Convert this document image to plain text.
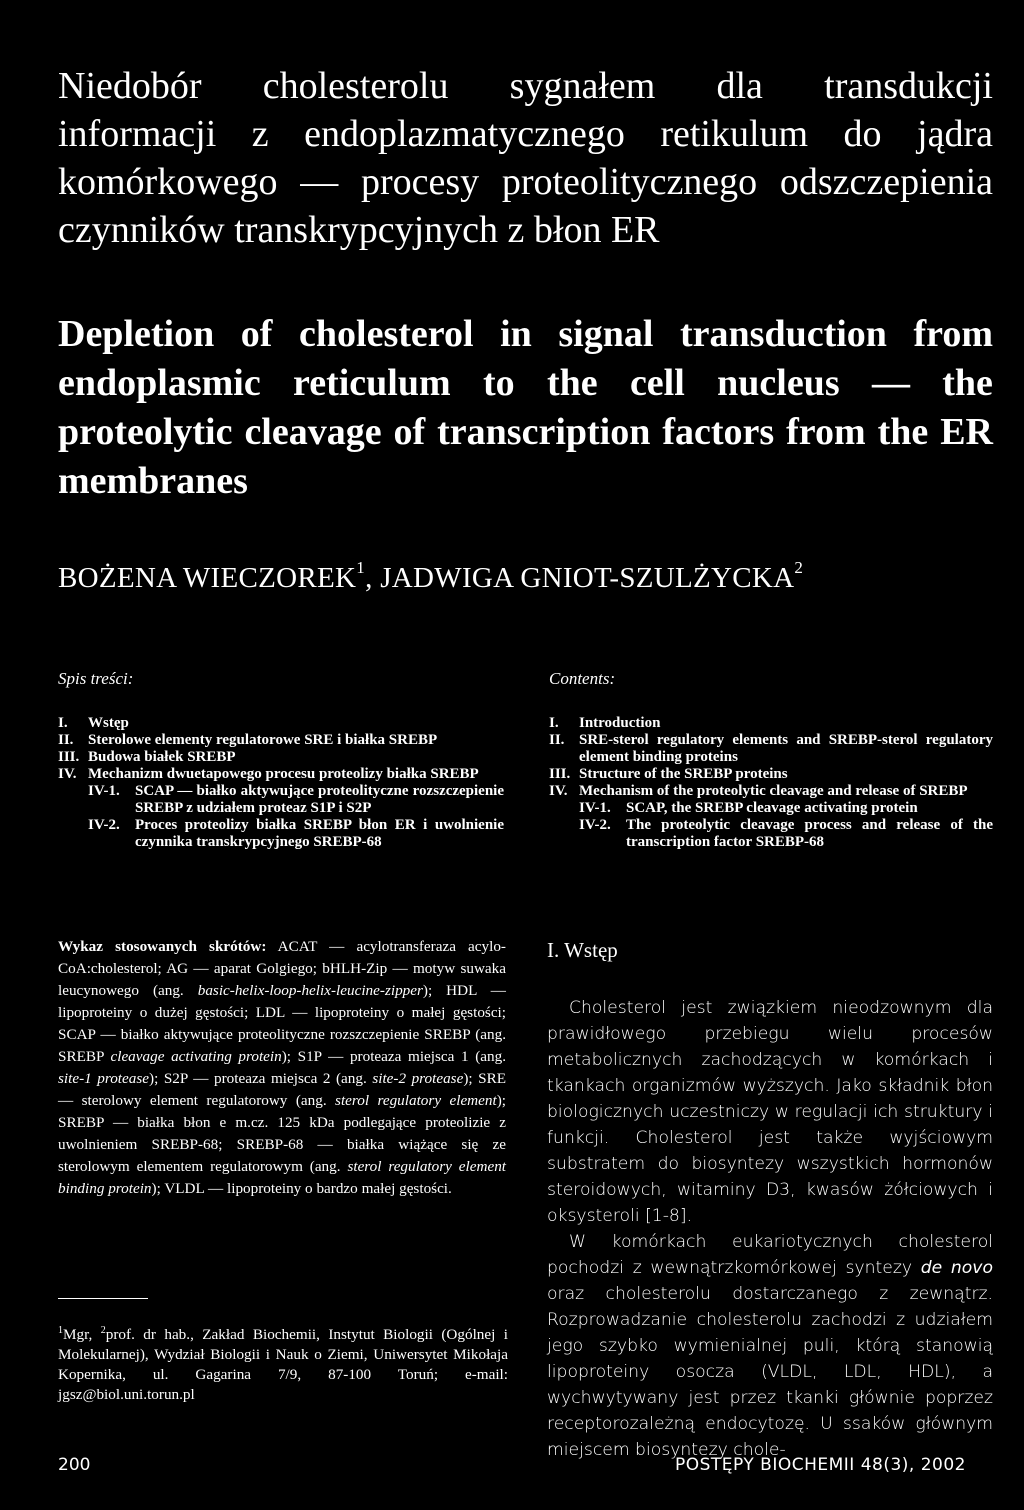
Niedobór cholesterolu sygnałem dla transdukcji
informacji z endoplazmatycznego retikulum do jądra
komórkowego — procesy proteolitycznego odszczepienia
czynników transkrypcyjnych z błon ER
Depletion of cholesterol in signal transduction from
endoplasmic reticulum to the cell nucleus — the
proteolytic cleavage of transcription factors from the ER
membranes
BOŻENA WIECZOREK$^1$, JADWIGA GNIOT-SZULŻYCKA$^2$
Spis treści:
I.	Wstęp
II. Sterolowe elementy regulatorowe SRE i białka SREBP
III. Budowa białek SREBP
IV. Mechanizm dwuetapowego procesu proteolizy białka SREBP
IV-1.	SCAP — białko aktywujące proteolityczne rozszczepienie SREBP z udziałem proteaz S1P i S2P
IV-2.	Proces proteolizy białka SREBP błon ER i uwolnienie czynnika transkrypcyjnego SREBP-68
Contents:
I.	Introduction
II. SRE-sterol regulatory elements and SREBP-sterol regulatory element binding proteins
III. Structure of the SREBP proteins
IV. Mechanism of the proteolytic cleavage and release of SREBP
IV-1.	SCAP, the SREBP cleavage activating protein
IV-2.	The proteolytic cleavage process and release of the transcription factor SREBP-68
Wykaz stosowanych skrótów: ACAT — acylotransferaza acylo-CoA:cholesterol; AG — aparat Golgiego; bHLH-Zip — motyw suwaka leucynowego (ang. basic-helix-loop-helix-leucine-zipper); HDL — lipoproteiny o dużej gęstości; LDL — lipoproteiny o małej gęstości; SCAP — białko aktywujące proteolityczne rozszczepienie SREBP (ang. SREBP cleavage activating protein); S1P — proteaza miejsca 1 (ang. site-1 protease); S2P — proteaza miejsca 2 (ang. site-2 protease); SRE — sterolowy element regulatorowy (ang. sterol regulatory element); SREBP — białka błon e m.cz. 125 kDa podlegające proteolizie z uwolnieniem SREBP-68; SREBP-68 — białka wiążące się ze sterolowym elementem regulatorowym (ang. sterol regulatory element binding protein); VLDL — lipoproteiny o bardzo małej gęstości.
$^1$Mgr, $^2$prof. dr hab., Zakład Biochemii, Instytut Biologii (Ogólnej i Molekularnej), Wydział Biologii i Nauk o Ziemi, Uniwersytet Mikołaja Kopernika, ul. Gagarina 7/9, 87-100 Toruń; e-mail: jgsz@biol.uni.torun.pl
I. Wstęp

Cholesterol jest związkiem nieodzownym dla prawidłowego przebiegu wielu procesów metabolicznych zachodzących w komórkach i tkankach organizmów wyższych. Jako składnik błon biologicznych uczestniczy w regulacji ich struktury i funkcji. Cholesterol jest także wyjściowym substratem do biosyntezy wszystkich hormonów steroidowych, witaminy D3, kwasów żółciowych i oksysteroli [1-8].

W komórkach eukariotycznych cholesterol pochodzi z wewnątrzkomórkowej syntezy de novo oraz cholesterolu dostarczanego z zewnątrz. Rozprowadzanie cholesterolu zachodzi z udziałem jego szybko wymienialnej puli, którą stanowią lipoproteiny osocza (VLDL, LDL, HDL), a wychwytywany jest przez tkanki głównie poprzez receptorozależną endocytozę. U ssaków głównym miejscem biosyntezy chole-

200	POSTĘPY BIOCHEMII 48(3), 2002
